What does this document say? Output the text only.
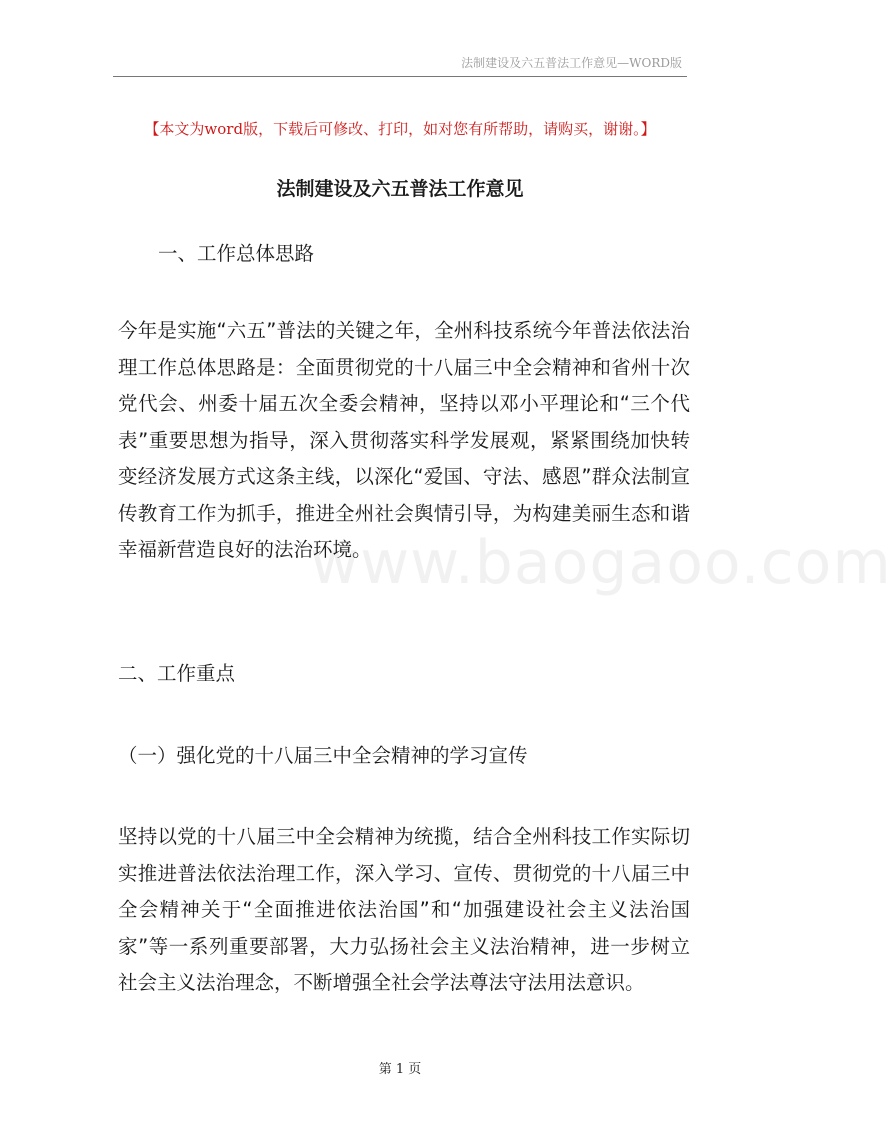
法制建设及六五普法工作意见—WORD版
【本文为word版，下载后可修改、打印，如对您有所帮助，请购买，谢谢。】
法制建设及六五普法工作意见

一、工作总体思路

今年是实施“六五”普法的关键之年，全州科技系统今年普法依法治理工作总体思路是：全面贯彻党的十八届三中全会精神和省州十次党代会、州委十届五次全委会精神，坚持以邓小平理论和“三个代表”重要思想为指导，深入贯彻落实科学发展观，紧紧围绕加快转变经济发展方式这条主线，以深化“爱国、守法、感恩”群众法制宣传教育工作为抓手，推进全州社会舆情引导，为构建美丽生态和谐幸福新营造良好的法治环境。

www.baogaoo.com

二、工作重点

（一）强化党的十八届三中全会精神的学习宣传

坚持以党的十八届三中全会精神为统揽，结合全州科技工作实际切实推进普法依法治理工作，深入学习、宣传、贯彻党的十八届三中全会精神关于“全面推进依法治国”和“加强建设社会主义法治国家”等一系列重要部署，大力弘扬社会主义法治精神，进一步树立社会主义法治理念，不断增强全社会学法尊法守法用法意识。

第 1 页
